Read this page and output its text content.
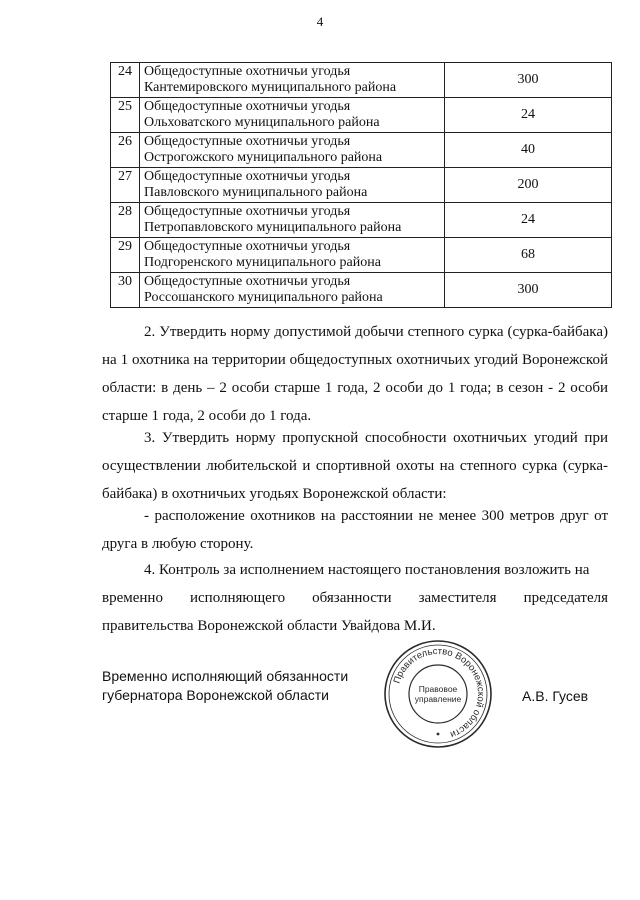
4
24	Общедоступные охотничьи угодья
Кантемировского муниципального района	300
25	Общедоступные охотничьи угодья
Ольховатского муниципального района	24
26	Общедоступные охотничьи угодья
Острогожского муниципального района	40
27	Общедоступные охотничьи угодья
Павловского муниципального района	200
28	Общедоступные охотничьи угодья
Петропавловского муниципального района	24
29	Общедоступные охотничьи угодья
Подгоренского муниципального района	68
30	Общедоступные охотничьи угодья
Россошанского муниципального района	300

2. Утвердить норму допустимой добычи степного сурка (сурка-байбака) на 1 охотника на территории общедоступных охотничьих угодий Воронежской области: в день – 2 особи старше 1 года, 2 особи до 1 года; в сезон - 2 особи старше 1 года, 2 особи до 1 года.

3. Утвердить норму пропускной способности охотничьих угодий при осуществлении любительской и спортивной охоты на степного сурка (сурка-байбака) в охотничьих угодьях Воронежской области:

- расположение охотников на расстоянии не менее 300 метров друг от друга в любую сторону.

4. Контроль за исполнением настоящего постановления возложить на
временно исполняющего обязанности заместителя председателя
правительства Воронежской области Увайдова М.И.
Временно исполняющий обязанности
губернатора Воронежской области
Правительство Воронежской области
Правовое
управление	А.В. Гусев
